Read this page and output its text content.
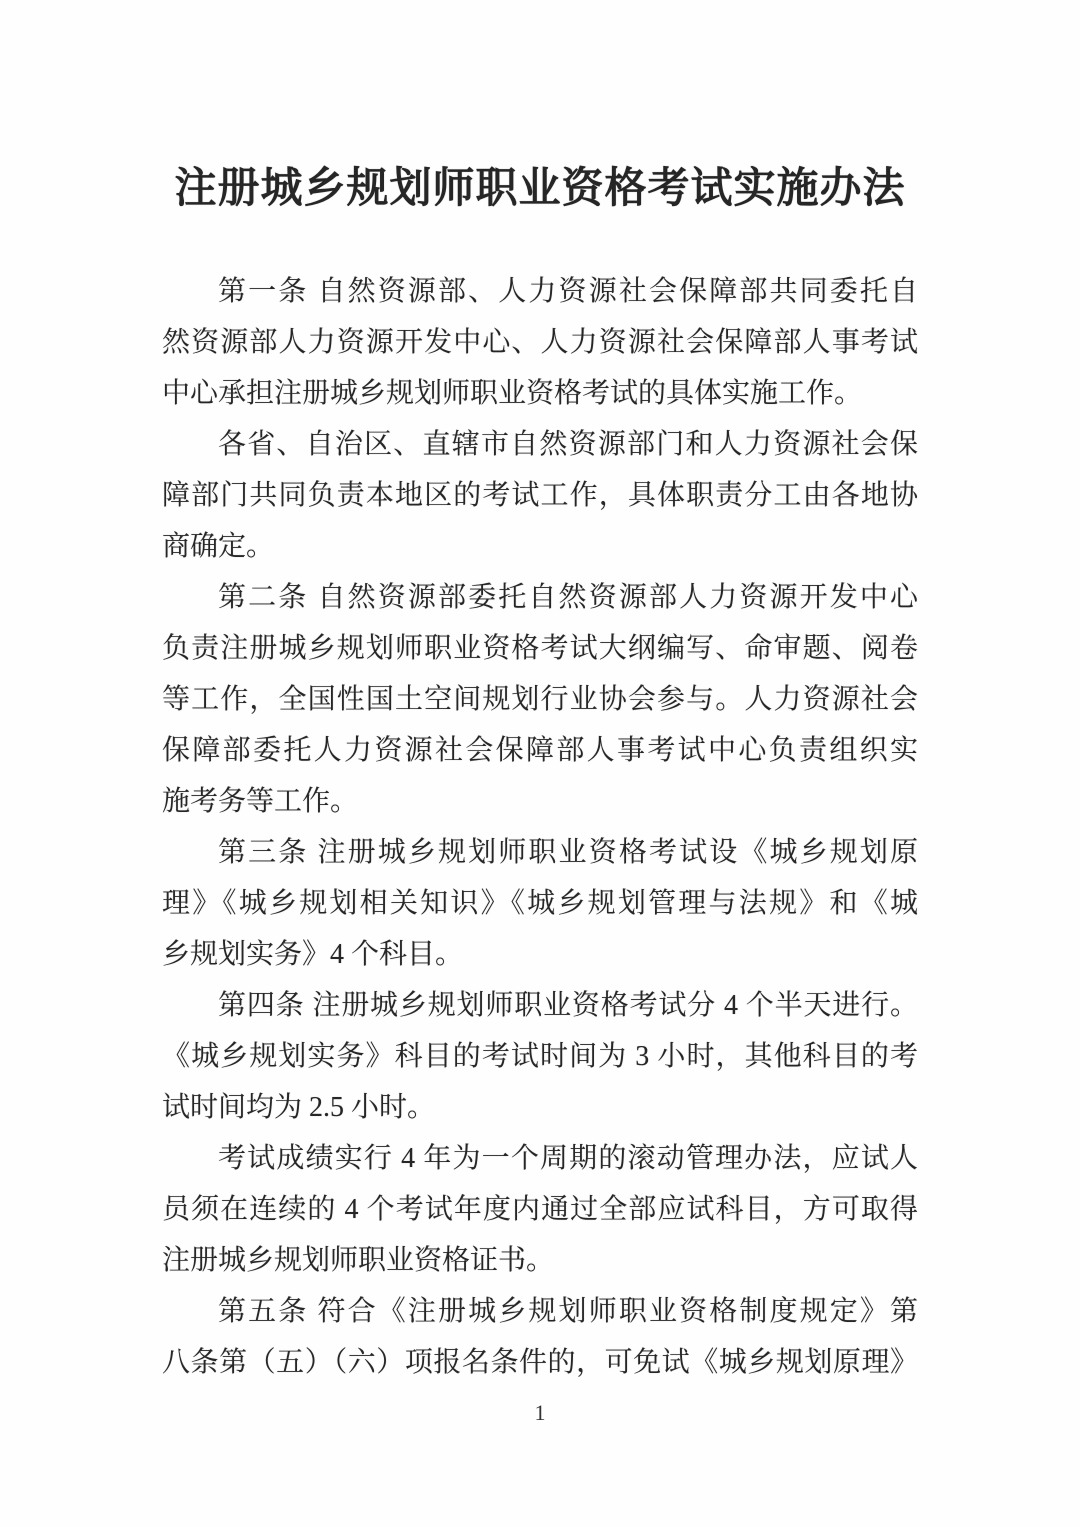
注册城乡规划师职业资格考试实施办法
第一条 自然资源部、人力资源社会保障部共同委托自
然资源部人力资源开发中心、人力资源社会保障部人事考试
中心承担注册城乡规划师职业资格考试的具体实施工作。
各省、自治区、直辖市自然资源部门和人力资源社会保
障部门共同负责本地区的考试工作，具体职责分工由各地协
商确定。
第二条 自然资源部委托自然资源部人力资源开发中心
负责注册城乡规划师职业资格考试大纲编写、命审题、阅卷
等工作，全国性国土空间规划行业协会参与。人力资源社会
保障部委托人力资源社会保障部人事考试中心负责组织实
施考务等工作。
第三条 注册城乡规划师职业资格考试设《城乡规划原
理》《城乡规划相关知识》《城乡规划管理与法规》和《城
乡规划实务》4 个科目。
第四条 注册城乡规划师职业资格考试分 4 个半天进行。
《城乡规划实务》科目的考试时间为 3 小时，其他科目的考
试时间均为 2.5 小时。
考试成绩实行 4 年为一个周期的滚动管理办法，应试人
员须在连续的 4 个考试年度内通过全部应试科目，方可取得
注册城乡规划师职业资格证书。
第五条 符合《注册城乡规划师职业资格制度规定》第
八条第（五）（六）项报名条件的，可免试《城乡规划原理》
1
